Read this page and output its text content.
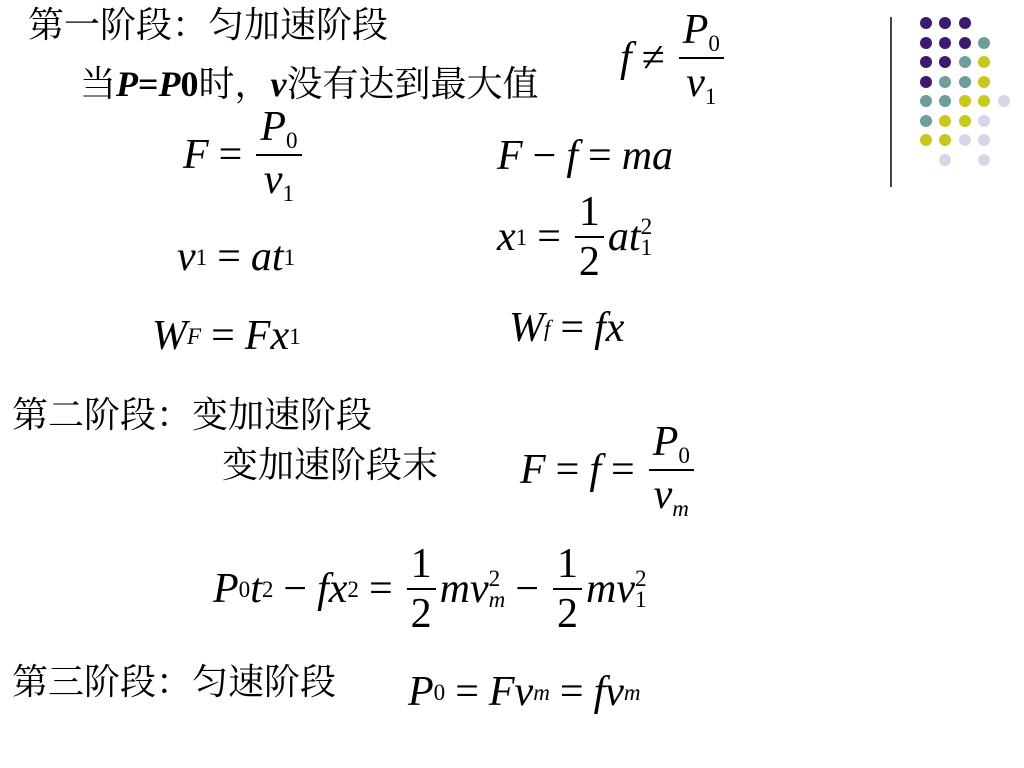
第一阶段：匀加速阶段
当P=P0时，v没有达到最大值
$f \ne \frac{P0}{v1}$
$F = \frac{P0}{v1}$	F − f = ma
v 1 = at 1	x $1 = \frac{1}{2}$ at 2
1
W F = Fx 1	W f = fx
第二阶段：变加速阶段
变加速阶段末 $F = f = \frac{P0}{v_m}$
P 0 t 2 − fx $2 = \frac{1}{2}$ mv 2
$m - \frac{1}{2}$ mv 2
1
第三阶段：匀速阶段 P 0 = Fv m = fv m
